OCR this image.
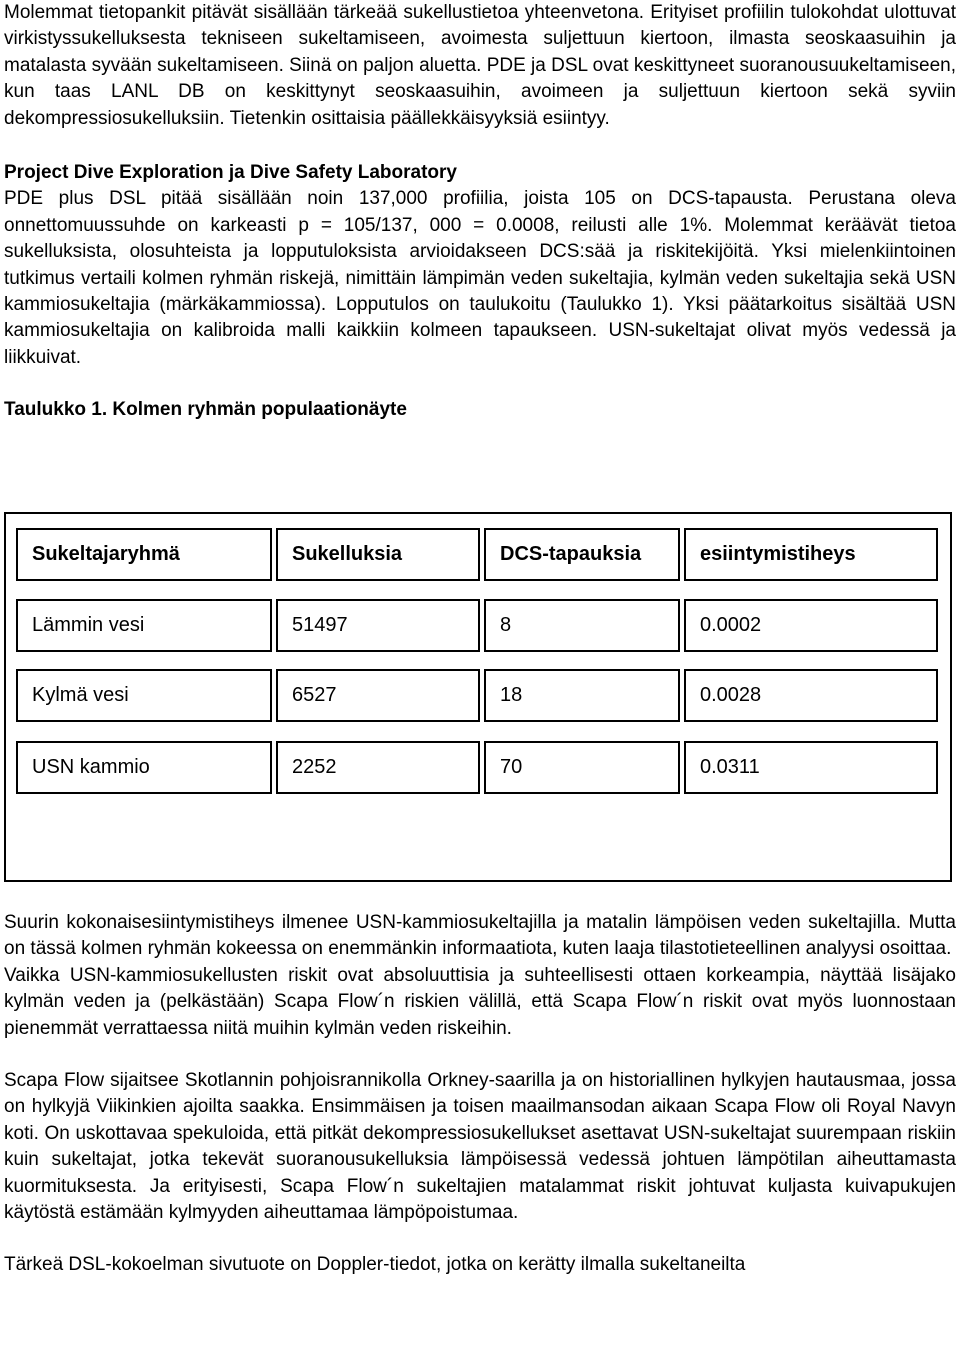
Molemmat tietopankit pitävät sisällään tärkeää sukellustietoa yhteenvetona. Erityiset profiilin tulokohdat ulottuvat virkistyssukelluksesta tekniseen sukeltamiseen, avoimesta suljettuun kiertoon, ilmasta seoskaasuihin ja matalasta syvään sukeltamiseen. Siinä on paljon aluetta. PDE ja DSL ovat keskittyneet suoranousuukeltamiseen, kun taas LANL DB on keskittynyt seoskaasuihin, avoimeen ja suljettuun kiertoon sekä syviin dekompressiosukelluksiin. Tietenkin osittaisia päällekkäisyyksiä esiintyy.

Project Dive Exploration ja Dive Safety Laboratory

PDE plus DSL pitää sisällään noin 137,000 profiilia, joista 105 on DCS-tapausta. Perustana oleva onnettomuussuhde on karkeasti p = 105/137, 000 = 0.0008, reilusti alle 1%. Molemmat keräävät tietoa sukelluksista, olosuhteista ja lopputuloksista arvioidakseen DCS:sää ja riskitekijöitä. Yksi mielenkiintoinen tutkimus vertaili kolmen ryhmän riskejä, nimittäin lämpimän veden sukeltajia, kylmän veden sukeltajia sekä USN kammiosukeltajia (märkäkammiossa). Lopputulos on taulukoitu (Taulukko 1). Yksi päätarkoitus sisältää USN kammiosukeltajia on kalibroida malli kaikkiin kolmeen tapaukseen. USN-sukeltajat olivat myös vedessä ja liikkuivat.

Taulukko 1. Kolmen ryhmän populaationäyte

Sukeltajaryhmä	Sukelluksia	DCS-tapauksia	esiintymistiheys
Lämmin vesi	51497	8	0.0002
Kylmä vesi	6527	18	0.0028
USN kammio	2252	70	0.0311

Suurin kokonaisesiintymistiheys ilmenee USN-kammiosukeltajilla ja matalin lämpöisen veden sukeltajilla. Mutta on tässä kolmen ryhmän kokeessa on enemmänkin informaatiota, kuten laaja tilastotieteellinen analyysi osoittaa.

Vaikka USN-kammiosukellusten riskit ovat absoluuttisia ja suhteellisesti ottaen korkeampia, näyttää lisäjako kylmän veden ja (pelkästään) Scapa Flow´n riskien välillä, että Scapa Flow´n riskit ovat myös luonnostaan pienemmät verrattaessa niitä muihin kylmän veden riskeihin.

Scapa Flow sijaitsee Skotlannin pohjoisrannikolla Orkney-saarilla ja on historiallinen hylkyjen hautausmaa, jossa on hylkyjä Viikinkien ajoilta saakka. Ensimmäisen ja toisen maailmansodan aikaan Scapa Flow oli Royal Navyn koti. On uskottavaa spekuloida, että pitkät dekompressiosukellukset asettavat USN-sukeltajat suurempaan riskiin kuin sukeltajat, jotka tekevät suoranousukelluksia lämpöisessä vedessä johtuen lämpötilan aiheuttamasta kuormituksesta. Ja erityisesti, Scapa Flow´n sukeltajien matalammat riskit johtuvat kuljasta kuivapukujen käytöstä estämään kylmyyden aiheuttamaa lämpöpoistumaa.

Tärkeä DSL-kokoelman sivutuote on Doppler-tiedot, jotka on kerätty ilmalla sukeltaneilta
